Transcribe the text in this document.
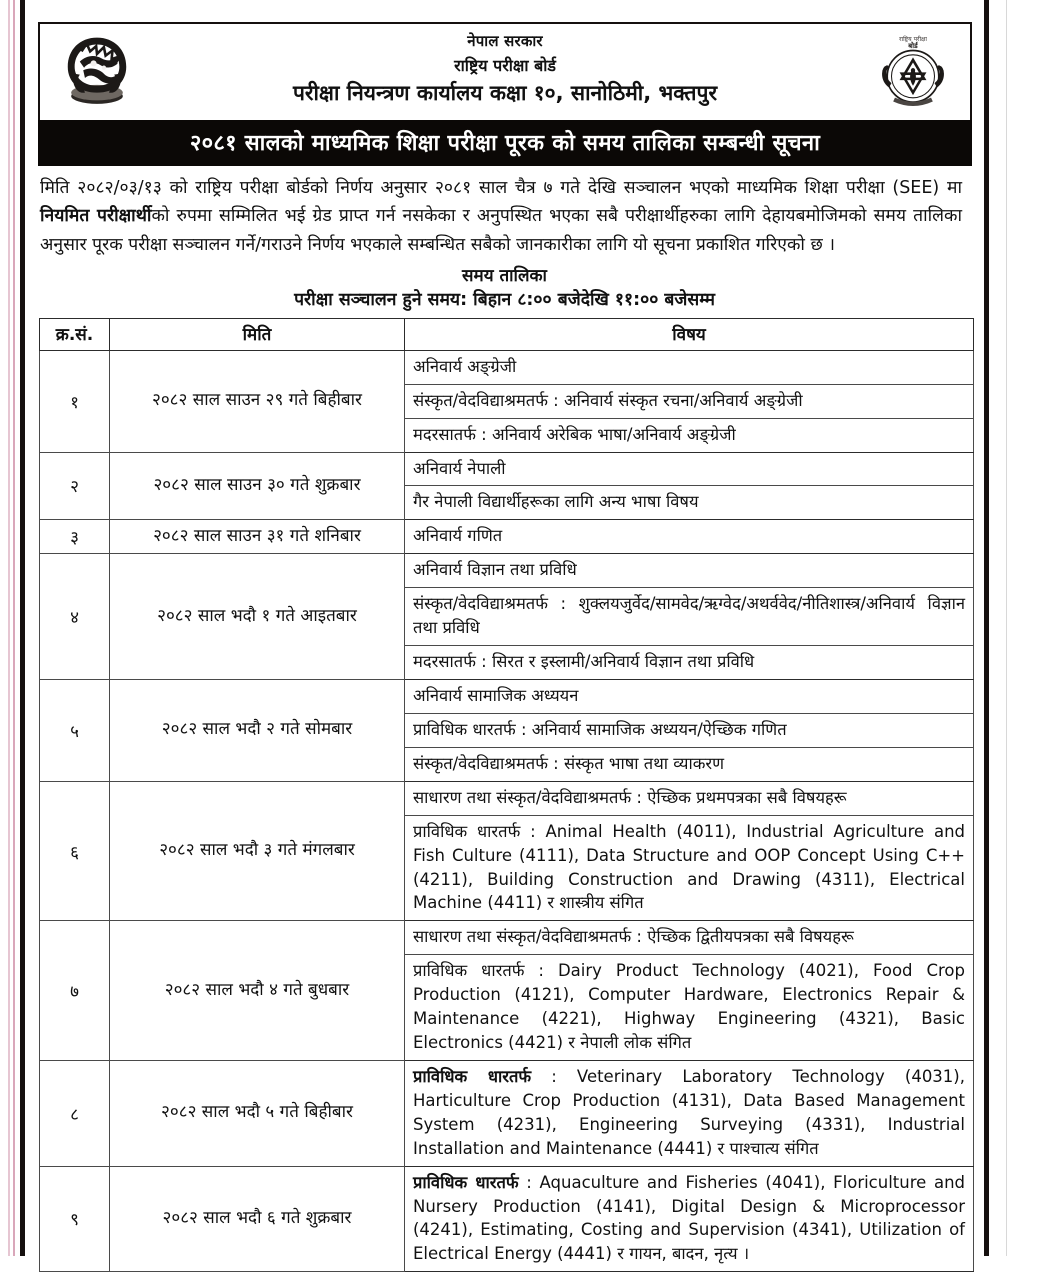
नेपाल सरकार
राष्ट्रिय परीक्षा बोर्ड
परीक्षा नियन्त्रण कार्यालय कक्षा १०, सानोठिमी, भक्तपुर
राष्ट्रिय परीक्षा
बोर्ड
२०८१ सालको माध्यमिक शिक्षा परीक्षा पूरक को समय तालिका सम्बन्धी सूचना
मिति २०८२/०३/१३ को राष्ट्रिय परीक्षा बोर्डको निर्णय अनुसार २०८१ साल चैत्र ७ गते देखि सञ्चालन भएको माध्यमिक शिक्षा परीक्षा (SEE) मा नियमित परीक्षार्थीको रुपमा सम्मिलित भई ग्रेड प्राप्त गर्न नसकेका र अनुपस्थित भएका सबै परीक्षार्थीहरुका लागि देहायबमोजिमको समय तालिका अनुसार पूरक परीक्षा सञ्चालन गर्ने/गराउने निर्णय भएकाले सम्बन्धित सबैको जानकारीका लागि यो सूचना प्रकाशित गरिएको छ ।
समय तालिका
परीक्षा सञ्चालन हुने समय: बिहान ८:०० बजेदेखि ११:०० बजेसम्म
क्र.सं.	मिति	विषय
१	२०८२ साल साउन २९ गते बिहीबार	अनिवार्य अङ्ग्रेजी
		संस्कृत/वेदविद्याश्रमतर्फ : अनिवार्य संस्कृत रचना/अनिवार्य अङ्ग्रेजी
		मदरसातर्फ : अनिवार्य अरेबिक भाषा/अनिवार्य अङ्ग्रेजी
२	२०८२ साल साउन ३० गते शुक्रबार	अनिवार्य नेपाली
		गैर नेपाली विद्यार्थीहरूका लागि अन्य भाषा विषय
३	२०८२ साल साउन ३१ गते शनिबार	अनिवार्य गणित
४	२०८२ साल भदौ १ गते आइतबार	अनिवार्य विज्ञान तथा प्रविधि
		संस्कृत/वेदविद्याश्रमतर्फ : शुक्लयजुर्वेद/सामवेद/ऋग्वेद/अथर्ववेद/नीतिशास्त्र/अनिवार्य विज्ञान तथा प्रविधि
		मदरसातर्फ : सिरत र इस्लामी/अनिवार्य विज्ञान तथा प्रविधि
५	२०८२ साल भदौ २ गते सोमबार	अनिवार्य सामाजिक अध्ययन
		प्राविधिक धारतर्फ : अनिवार्य सामाजिक अध्ययन/ऐच्छिक गणित
		संस्कृत/वेदविद्याश्रमतर्फ : संस्कृत भाषा तथा व्याकरण
६	२०८२ साल भदौ ३ गते मंगलबार	साधारण तथा संस्कृत/वेदविद्याश्रमतर्फ : ऐच्छिक प्रथमपत्रका सबै विषयहरू
		प्राविधिक धारतर्फ : Animal Health (4011), Industrial Agriculture and Fish Culture (4111), Data Structure and OOP Concept Using C++ (4211), Building Construction and Drawing (4311), Electrical Machine (4411) र शास्त्रीय संगित
७	२०८२ साल भदौ ४ गते बुधबार	साधारण तथा संस्कृत/वेदविद्याश्रमतर्फ : ऐच्छिक द्वितीयपत्रका सबै विषयहरू
		प्राविधिक धारतर्फ : Dairy Product Technology (4021), Food Crop Production (4121), Computer Hardware, Electronics Repair & Maintenance (4221), Highway Engineering (4321), Basic Electronics (4421) र नेपाली लोक संगित
८	२०८२ साल भदौ ५ गते बिहीबार	प्राविधिक धारतर्फ : Veterinary Laboratory Technology (4031), Harticulture Crop Production (4131), Data Based Management System (4231), Engineering Surveying (4331), Industrial Installation and Maintenance (4441) र पाश्चात्य संगित
९	२०८२ साल भदौ ६ गते शुक्रबार	प्राविधिक धारतर्फ : Aquaculture and Fisheries (4041), Floriculture and Nursery Production (4141), Digital Design & Microprocessor (4241), Estimating, Costing and Supervision (4341), Utilization of Electrical Energy (4441) र गायन, बादन, नृत्य ।
